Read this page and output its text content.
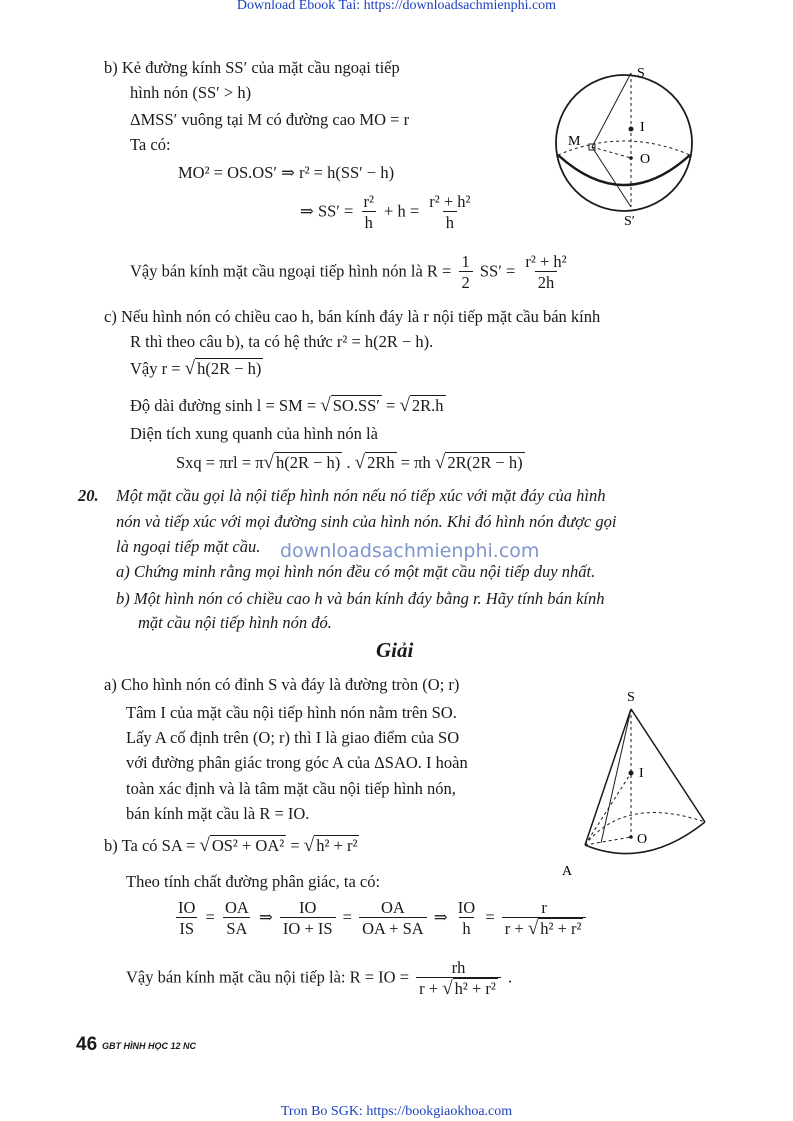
Download Ebook Tai: https://downloadsachmienphi.com
S
I
O
M
S′
b) Kẻ đường kính SS′ của mặt cầu ngoại tiếp
hình nón (SS′ > h)
ΔMSS′ vuông tại M có đường cao MO = r
Ta có:
MO² = OS.OS′ ⇒ r² = h(SS′ − h)
⇒ $SS' = \frac{\text{r²}}{h} + h = \frac{\text{r² + h²}}{h}$
Vậy bán kính mặt cầu ngoại tiếp hình nón là $R = \frac{1}{2} SS' = \frac{\text{r² + h²}}{2h}$
c) Nếu hình nón có chiều cao h, bán kính đáy là r nội tiếp mặt cầu bán kính
R thì theo câu b), ta có hệ thức r² = h(2R − h).
Vậy r = √ h(2R − h)
Độ dài đường sinh l = SM = √ SO.SS′ = √ 2R.h
Diện tích xung quanh của hình nón là
Sxq = πrl = π√ h(2R − h) . √ 2Rh = πh √ 2R(2R − h)
20. Một mặt cầu gọi là nội tiếp hình nón nếu nó tiếp xúc với mặt đáy của hình
nón và tiếp xúc với mọi đường sinh của hình nón. Khi đó hình nón được gọi
là ngoại tiếp mặt cầu. downloadsachmienphi.com
a) Chứng minh rằng mọi hình nón đều có một mặt cầu nội tiếp duy nhất.
b) Một hình nón có chiều cao h và bán kính đáy bằng r. Hãy tính bán kính
mặt cầu nội tiếp hình nón đó.
Giải
S
I
O
A
a) Cho hình nón có đỉnh S và đáy là đường tròn (O; r)
Tâm I của mặt cầu nội tiếp hình nón nằm trên SO.
Lấy A cố định trên (O; r) thì I là giao điểm của SO
với đường phân giác trong góc A của ΔSAO. I hoàn
toàn xác định và là tâm mặt cầu nội tiếp hình nón,
bán kính mặt cầu là R = IO.
b) Ta có SA = √ OS² + OA² = √ h² + r²
Theo tính chất đường phân giác, ta có:
$\frac{IO}{IS} = \frac{OA}{SA}$ ⇒ $\frac{IO}{IO + IS} = \frac{OA}{OA + SA}$ ⇒ $\frac{IO}{h} = \frac{r}{\text{r + √ h² + r²}}$
Vậy bán kính mặt cầu nội tiếp là: R = IO = $\frac{rh}{\text{r + √ h² + r²}}$ .
46 GBT HÌNH HỌC 12 NC
Tron Bo SGK: https://bookgiaokhoa.com
